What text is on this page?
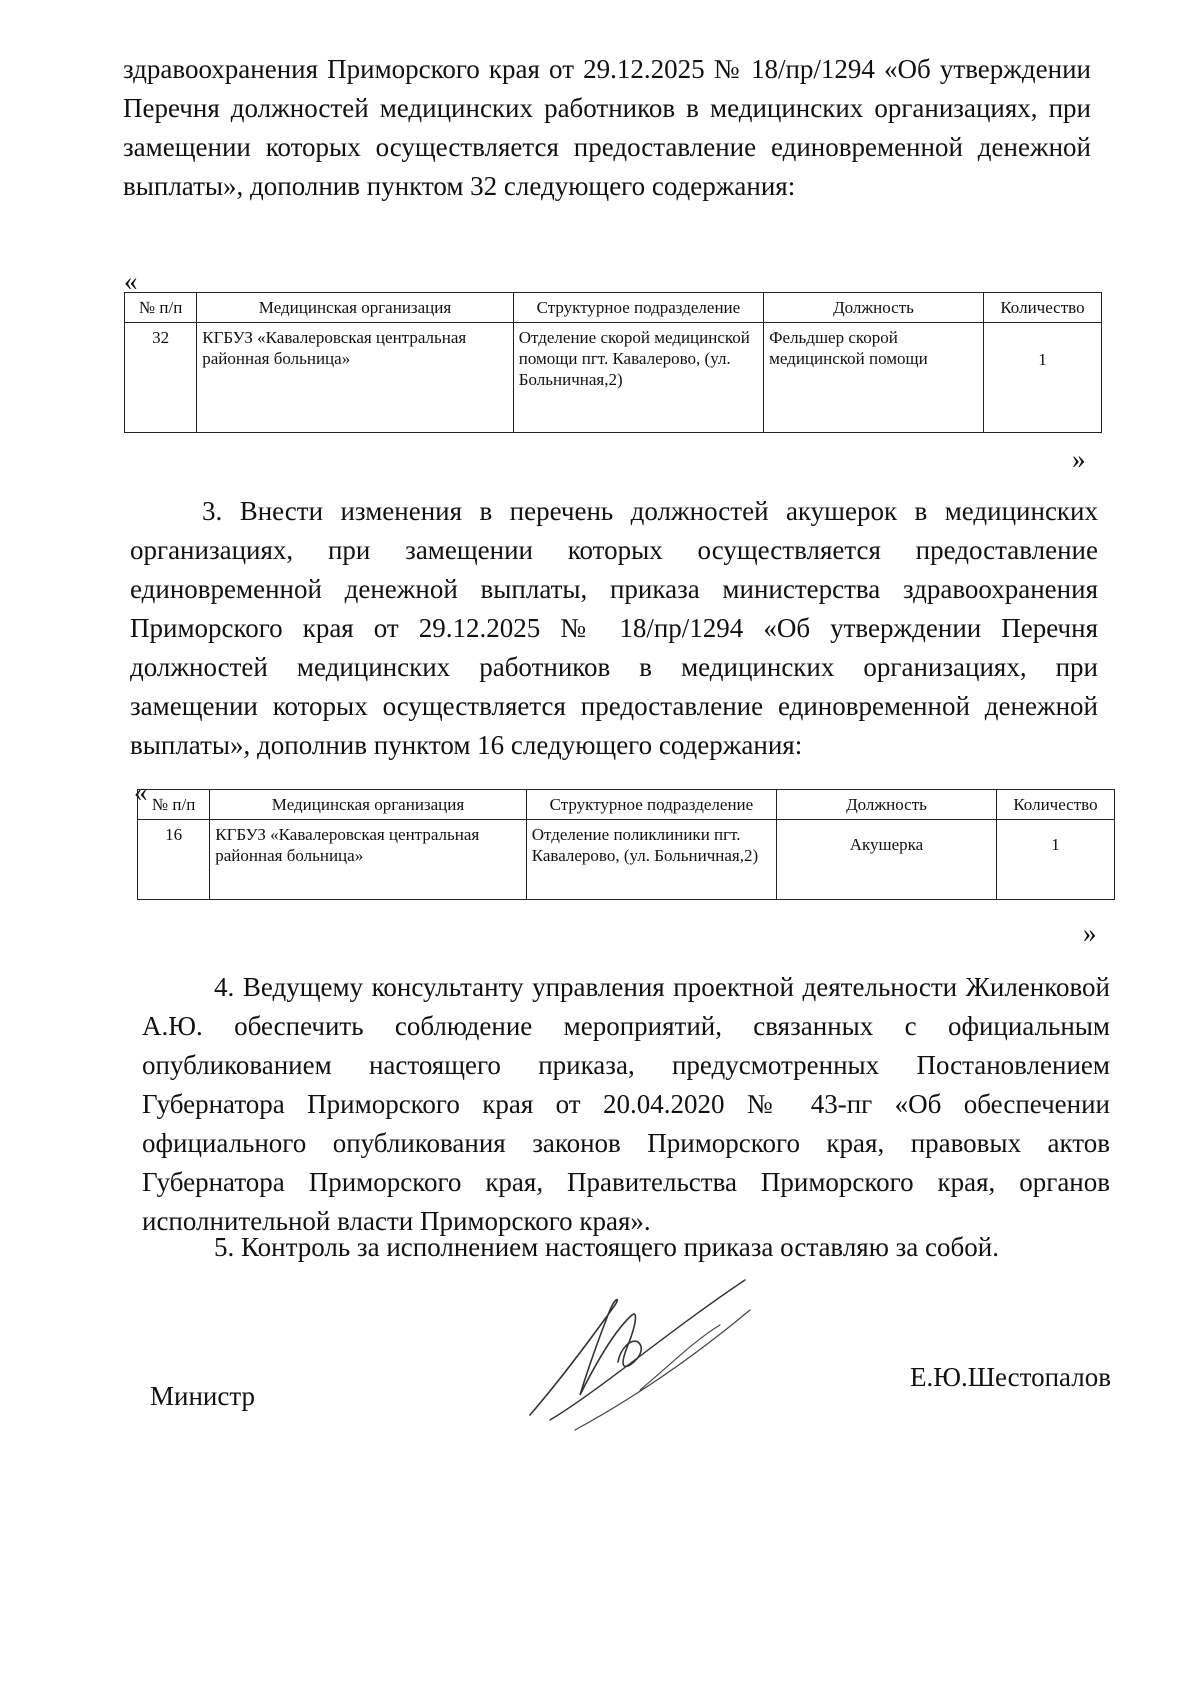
здравоохранения Приморского края от 29.12.2025 № 18/пр/1294 «Об утверждении Перечня должностей медицинских работников в медицинских организациях, при замещении которых осуществляется предоставление единовременной денежной выплаты», дополнив пунктом 32 следующего содержания:

«
№ п/п	Медицинская организация	Структурное подразделение	Должность	Количество
32	КГБУЗ «Кавалеровская центральная районная больница»	Отделение скорой медицинской помощи пгт. Кавалерово, (ул. Больничная,2)	Фельдшер скорой медицинской помощи	1
»

3. Внести изменения в перечень должностей акушерок в медицинских организациях, при замещении которых осуществляется предоставление единовременной денежной выплаты, приказа министерства здравоохранения Приморского края от 29.12.2025 № 18/пр/1294 «Об утверждении Перечня должностей медицинских работников в медицинских организациях, при замещении которых осуществляется предоставление единовременной денежной выплаты», дополнив пунктом 16 следующего содержания:

« № п/п	Медицинская организация	Структурное подразделение	Должность	Количество
16	КГБУЗ «Кавалеровская центральная районная больница»	Отделение поликлиники пгт. Кавалерово, (ул. Больничная,2)	Акушерка	1
»

4. Ведущему консультанту управления проектной деятельности Жиленковой А.Ю. обеспечить соблюдение мероприятий, связанных с официальным опубликованием настоящего приказа, предусмотренных Постановлением Губернатора Приморского края от 20.04.2020 № 43-пг «Об обеспечении официального опубликования законов Приморского края, правовых актов Губернатора Приморского края, Правительства Приморского края, органов исполнительной власти Приморского края».

5. Контроль за исполнением настоящего приказа оставляю за собой.

Министр
Е.Ю.Шестопалов
